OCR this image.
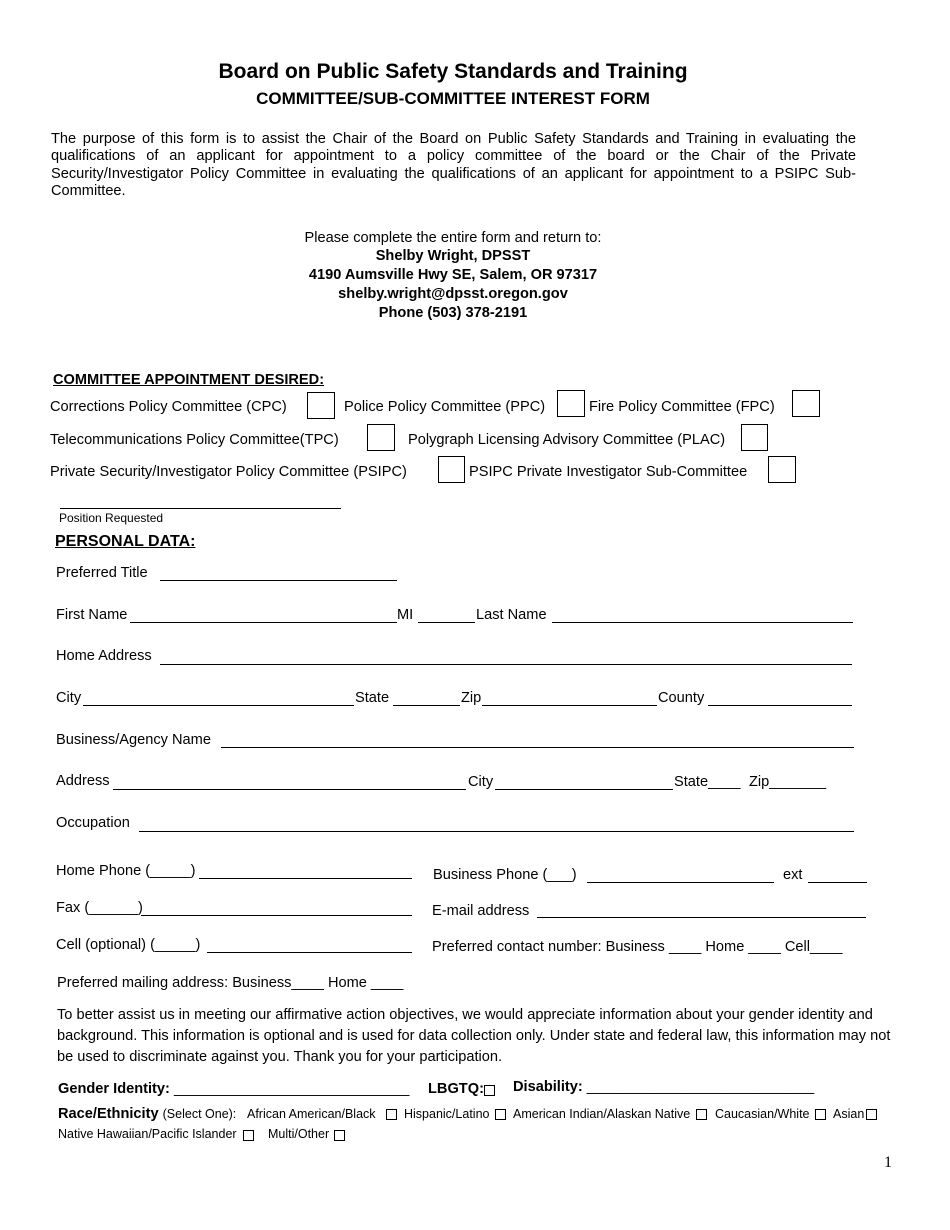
Board on Public Safety Standards and Training
COMMITTEE/SUB-COMMITTEE INTEREST FORM

The purpose of this form is to assist the Chair of the Board on Public Safety Standards and Training in evaluating the qualifications of an applicant for appointment to a policy committee of the board or the Chair of the Private Security/Investigator Policy Committee in evaluating the qualifications of an applicant for appointment to a PSIPC Sub-Committee.

Please complete the entire form and return to:
Shelby Wright, DPSST
4190 Aumsville Hwy SE, Salem, OR 97317
shelby.wright@dpsst.oregon.gov
Phone (503) 378-2191
COMMITTEE APPOINTMENT DESIRED:
Corrections Policy Committee (CPC)	Police Policy Committee (PPC)	Fire Policy Committee (FPC)
Telecommunications Policy Committee(TPC)	Polygraph Licensing Advisory Committee (PLAC)
Private Security/Investigator Policy Committee (PSIPC)	PSIPC Private Investigator Sub-Committee
Position Requested
PERSONAL DATA:
Preferred Title
First Name	MI	Last Name
Home Address
City	State	Zip	County
Business/Agency Name
Address	City	State____ Zip_______
Occupation
Home Phone (_____)	Business Phone (___)	ext
Fax (______)	E-mail address
Cell (optional) (_____)	Preferred contact number: Business ____ Home ____ Cell____
Preferred mailing address: Business____ Home ____

To better assist us in meeting our affirmative action objectives, we would appreciate information about your gender identity and background. This information is optional and is used for data collection only. Under state and federal law, this information may not be used to discriminate against you. Thank you for your participation.

Gender Identity: _____________________________ LBGTQ: Disability: ____________________________
Race/Ethnicity (Select One): African American/Black Hispanic/Latino American Indian/Alaskan Native Caucasian/White Asian
Native Hawaiian/Pacific Islander	Multi/Other
1
